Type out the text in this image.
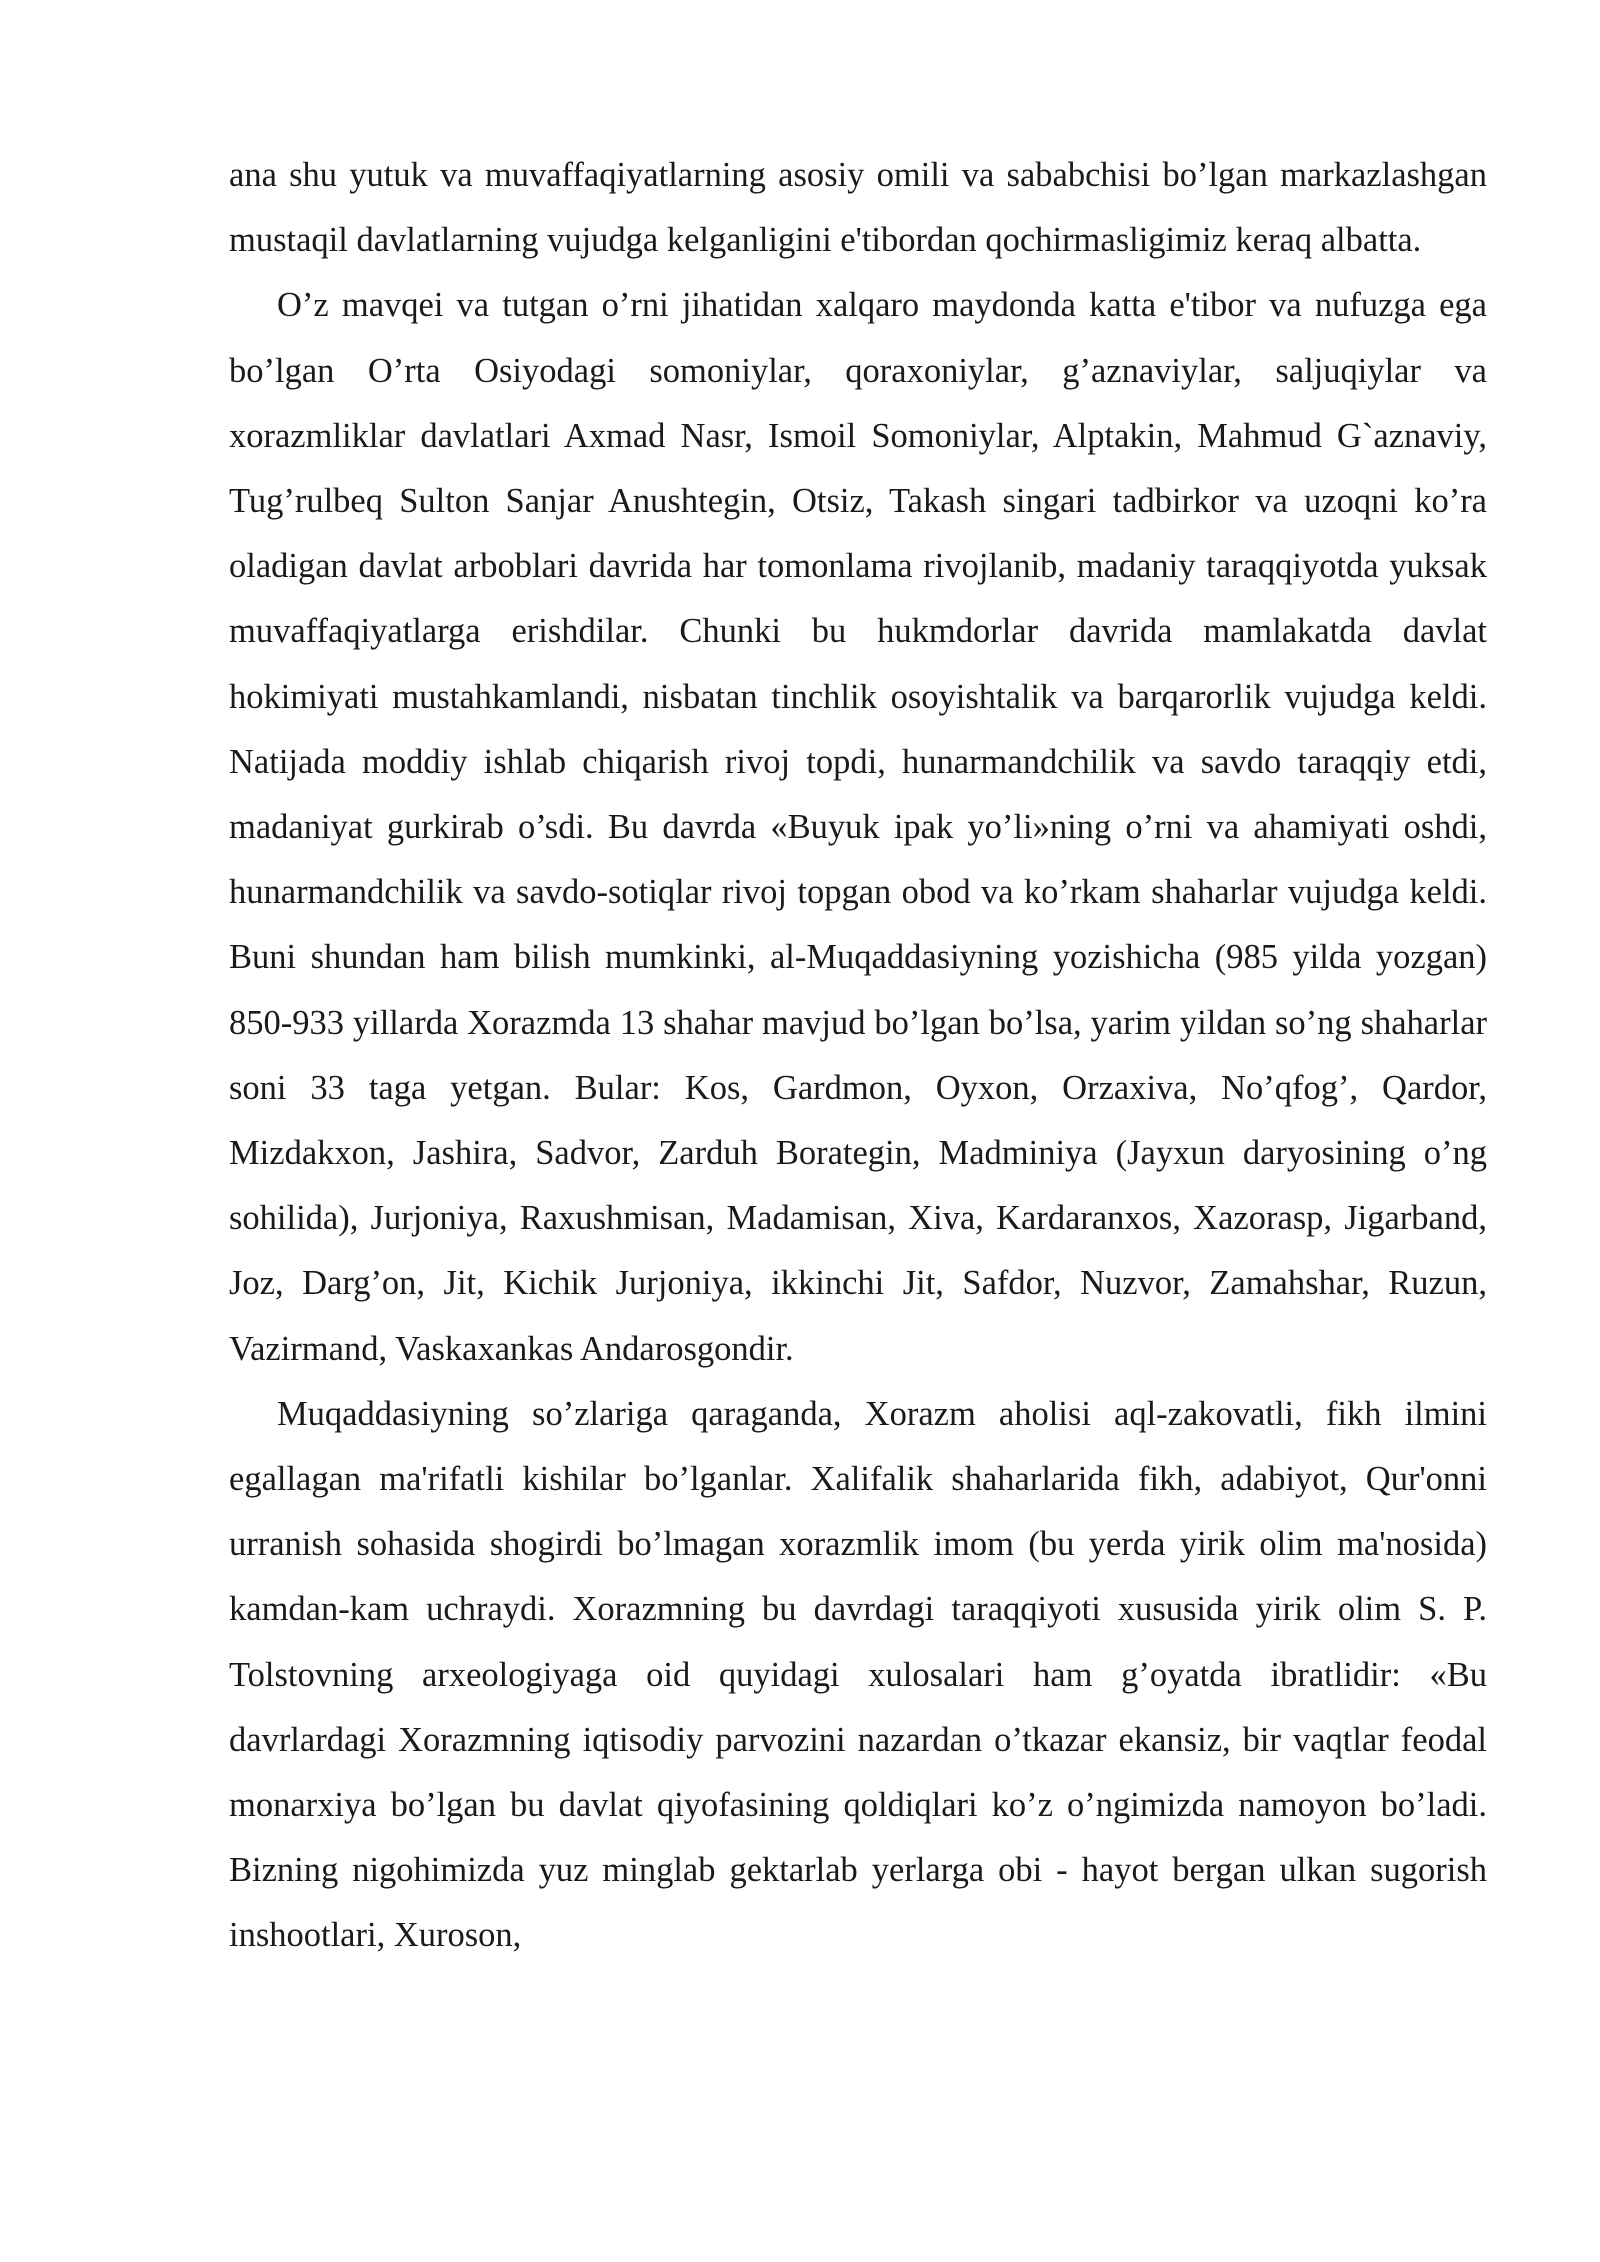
ana shu yutuk va muvaffaqiyatlarning asosiy omili va sababchisi bo’lgan markazlashgan mustaqil davlatlarning vujudga kelganligini e'tibordan qochirmasligimiz keraq albatta.

O’z mavqei va tutgan o’rni jihatidan xalqaro maydonda katta e'tibor va nufuzga ega bo’lgan O’rta Osiyodagi somoniylar, qoraxoniylar, g’aznaviylar, saljuqiylar va xorazmliklar davlatlari Axmad Nasr, Ismoil Somoniylar, Alptakin, Mahmud G`aznaviy, Tug’rulbeq Sulton Sanjar Anushtegin, Otsiz, Takash singari tadbirkor va uzoqni ko’ra oladigan davlat arboblari davrida har tomonlama rivojlanib, madaniy taraqqiyotda yuksak muvaffaqiyatlarga erishdilar. Chunki bu hukmdorlar davrida mamlakatda davlat hokimiyati mustahkamlandi, nisbatan tinchlik osoyishtalik va barqarorlik vujudga keldi. Natijada moddiy ishlab chiqarish rivoj topdi, hunarmandchilik va savdo taraqqiy etdi, madaniyat gurkirab o’sdi. Bu davrda «Buyuk ipak yo’li»ning o’rni va ahamiyati oshdi, hunarmandchilik va savdo-sotiqlar rivoj topgan obod va ko’rkam shaharlar vujudga keldi. Buni shundan ham bilish mumkinki, al-Muqaddasiyning yozishicha (985 yilda yozgan) 850-933 yillarda Xorazmda 13 shahar mavjud bo’lgan bo’lsa, yarim yildan so’ng shaharlar soni 33 taga yetgan. Bular: Kos, Gardmon, Oyxon, Orzaxiva, No’qfog’, Qardor, Mizdakxon, Jashira, Sadvor, Zarduh Borategin, Madminiya (Jayxun daryosining o’ng sohilida), Jurjoniya, Raxushmisan, Madamisan, Xiva, Kardaranxos, Xazorasp, Jigarband, Joz, Darg’on, Jit, Kichik Jurjoniya, ikkinchi Jit, Safdor, Nuzvor, Zamahshar, Ruzun, Vazirmand, Vaskaxankas Andarosgondir.

Muqaddasiyning so’zlariga qaraganda, Xorazm aholisi aql-zakovatli, fikh ilmini egallagan ma'rifatli kishilar bo’lganlar. Xalifalik shaharlarida fikh, adabiyot, Qur'onni urranish sohasida shogirdi bo’lmagan xorazmlik imom (bu yerda yirik olim ma'nosida) kamdan-kam uchraydi. Xorazmning bu davrdagi taraqqiyoti xususida yirik olim S. P. Tolstovning arxeologiyaga oid quyidagi xulosalari ham g’oyatda ibratlidir: «Bu davrlardagi Xorazmning iqtisodiy parvozini nazardan o’tkazar ekansiz, bir vaqtlar feodal monarxiya bo’lgan bu davlat qiyofasining qoldiqlari ko’z o’ngimizda namoyon bo’ladi. Bizning nigohimizda yuz minglab gektarlab yerlarga obi - hayot bergan ulkan sugorish inshootlari, Xuroson,
